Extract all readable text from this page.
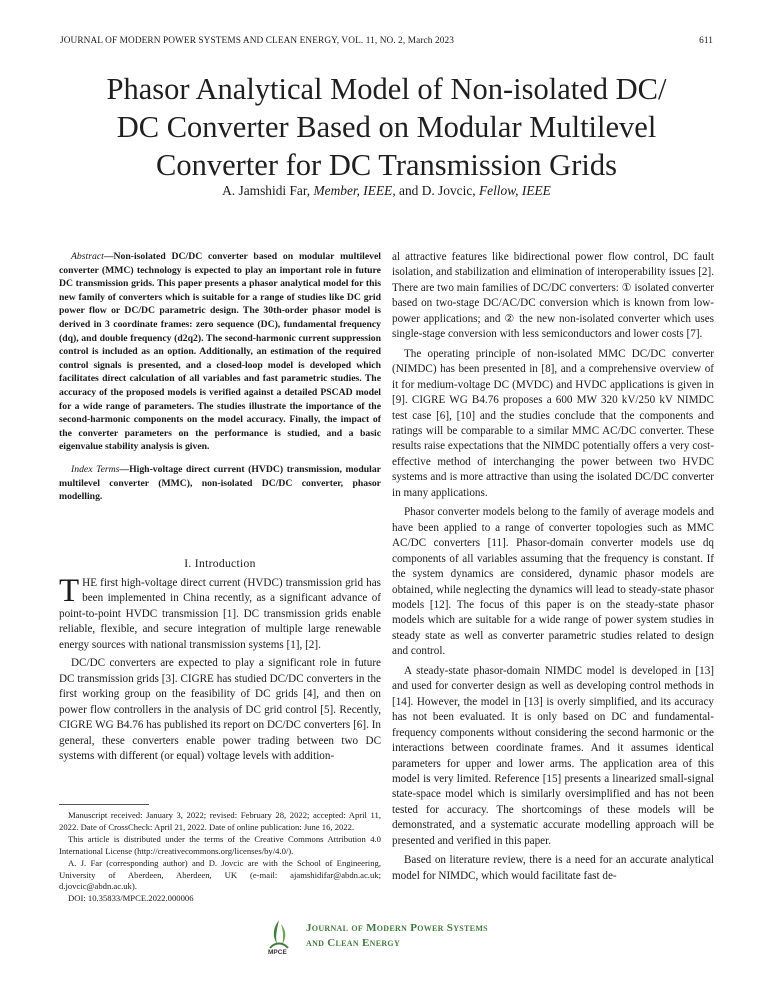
JOURNAL OF MODERN POWER SYSTEMS AND CLEAN ENERGY, VOL. 11, NO. 2, March 2023	611
Phasor Analytical Model of Non-isolated DC/
DC Converter Based on Modular Multilevel
Converter for DC Transmission Grids
A. Jamshidi Far, Member, IEEE, and D. Jovcic, Fellow, IEEE

Abstract—Non-isolated DC/DC converter based on modular multilevel converter (MMC) technology is expected to play an important role in future DC transmission grids. This paper presents a phasor analytical model for this new family of converters which is suitable for a range of studies like DC grid power flow or DC/DC parametric design. The 30th-order phasor model is derived in 3 coordinate frames: zero sequence (DC), fundamental frequency (dq), and double frequency (d2q2). The second-harmonic current suppression control is included as an option. Additionally, an estimation of the required control signals is presented, and a closed-loop model is developed which facilitates direct calculation of all variables and fast parametric studies. The accuracy of the proposed models is verified against a detailed PSCAD model for a wide range of parameters. The studies illustrate the importance of the second-harmonic components on the model accuracy. Finally, the impact of the converter parameters on the performance is studied, and a basic eigenvalue stability analysis is given.

Index Terms—High-voltage direct current (HVDC) transmission, modular multilevel converter (MMC), non-isolated DC/DC converter, phasor modelling.

I. Introduction

THE first high-voltage direct current (HVDC) transmission grid has been implemented in China recently, as a significant advance of point-to-point HVDC transmission [1]. DC transmission grids enable reliable, flexible, and secure integration of multiple large renewable energy sources with national transmission systems [1], [2].

DC/DC converters are expected to play a significant role in future DC transmission grids [3]. CIGRE has studied DC/DC converters in the first working group on the feasibility of DC grids [4], and then on power flow controllers in the analysis of DC grid control [5]. Recently, CIGRE WG B4.76 has published its report on DC/DC converters [6]. In general, these converters enable power trading between two DC systems with different (or equal) voltage levels with addition-

Manuscript received: January 3, 2022; revised: February 28, 2022; accepted: April 11, 2022. Date of CrossCheck: April 21, 2022. Date of online publication: June 16, 2022.

This article is distributed under the terms of the Creative Commons Attribution 4.0 International License (http://creativecommons.org/licenses/by/4.0/).

A. J. Far (corresponding author) and D. Jovcic are with the School of Engineering, University of Aberdeen, Aberdeen, UK (e-mail: ajamshidifar@abdn.ac.uk; d.jovcic@abdn.ac.uk).

DOI: 10.35833/MPCE.2022.000006

al attractive features like bidirectional power flow control, DC fault isolation, and stabilization and elimination of interoperability issues [2]. There are two main families of DC/DC converters: ① isolated converter based on two-stage DC/AC/DC conversion which is known from low-power applications; and ② the new non-isolated converter which uses single-stage conversion with less semiconductors and lower costs [7].

The operating principle of non-isolated MMC DC/DC converter (NIMDC) has been presented in [8], and a comprehensive overview of it for medium-voltage DC (MVDC) and HVDC applications is given in [9]. CIGRE WG B4.76 proposes a 600 MW 320 kV/250 kV NIMDC test case [6], [10] and the studies conclude that the components and ratings will be comparable to a similar MMC AC/DC converter. These results raise expectations that the NIMDC potentially offers a very cost-effective method of interchanging the power between two HVDC systems and is more attractive than using the isolated DC/DC converter in many applications.

Phasor converter models belong to the family of average models and have been applied to a range of converter topologies such as MMC AC/DC converters [11]. Phasor-domain converter models use dq components of all variables assuming that the frequency is constant. If the system dynamics are considered, dynamic phasor models are obtained, while neglecting the dynamics will lead to steady-state phasor models [12]. The focus of this paper is on the steady-state phasor models which are suitable for a wide range of power system studies in steady state as well as converter parametric studies related to design and control.

A steady-state phasor-domain NIMDC model is developed in [13] and used for converter design as well as developing control methods in [14]. However, the model in [13] is overly simplified, and its accuracy has not been evaluated. It is only based on DC and fundamental-frequency components without considering the second harmonic or the interactions between coordinate frames. And it assumes identical parameters for upper and lower arms. The application area of this model is very limited. Reference [15] presents a linearized small-signal state-space model which is similarly oversimplified and has not been tested for accuracy. The shortcomings of these models will be demonstrated, and a systematic accurate modelling approach will be presented and verified in this paper.

Based on literature review, there is a need for an accurate analytical model for NIMDC, which would facilitate fast de-

MPCE
Journal of Modern Power Systems
and Clean Energy
